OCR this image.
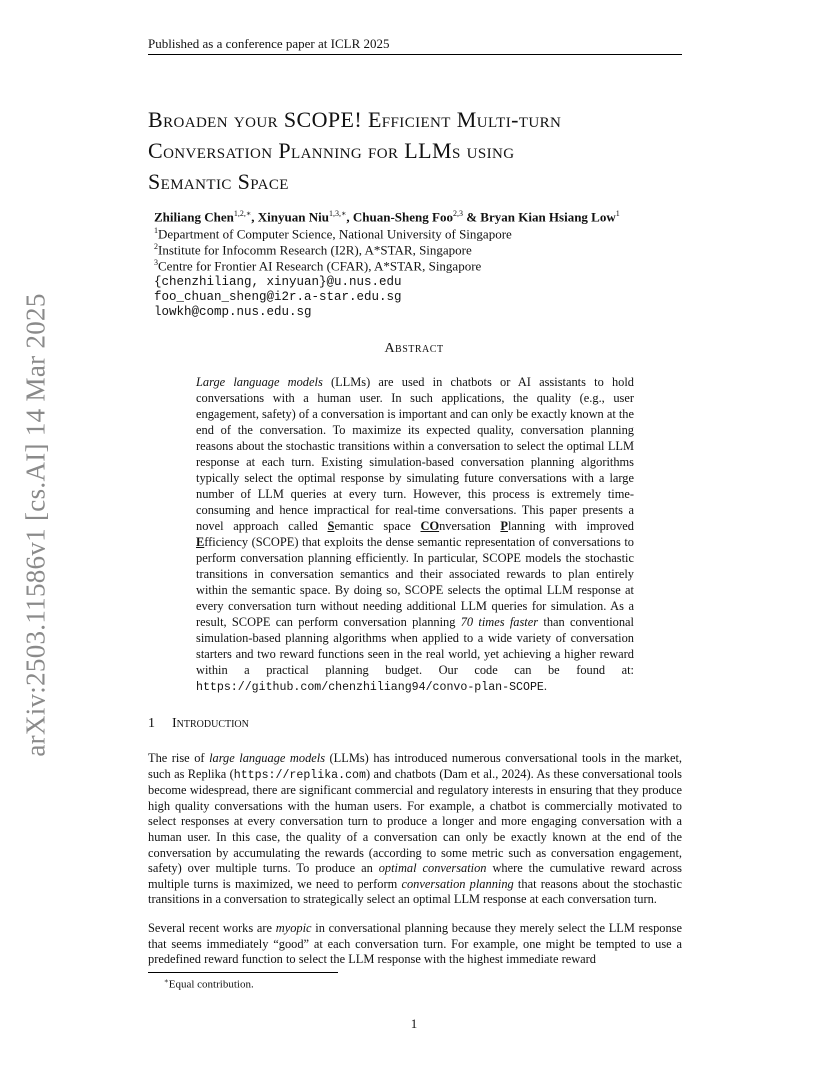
Published as a conference paper at ICLR 2025
arXiv:2503.11586v1 [cs.AI] 14 Mar 2025
Broaden your SCOPE! Efficient Multi-turn
Conversation Planning for LLMs using
Semantic Space
Zhiliang Chen$^{1,2,∗}$, Xinyuan Niu$^{1,3,∗}$, Chuan-Sheng Foo$^{2,3}$ & Bryan Kian Hsiang Low$^1$
$^1$Department of Computer Science, National University of Singapore
$^2$Institute for Infocomm Research (I2R), A*STAR, Singapore
$^3$Centre for Frontier AI Research (CFAR), A*STAR, Singapore
{chenzhiliang, xinyuan}@u.nus.edu
foo_chuan_sheng@i2r.a-star.edu.sg
lowkh@comp.nus.edu.sg
Abstract

Large language models (LLMs) are used in chatbots or AI assistants to hold conversations with a human user. In such applications, the quality (e.g., user engagement, safety) of a conversation is important and can only be exactly known at the end of the conversation. To maximize its expected quality, conversation planning reasons about the stochastic transitions within a conversation to select the optimal LLM response at each turn. Existing simulation-based conversation planning algorithms typically select the optimal response by simulating future conversations with a large number of LLM queries at every turn. However, this process is extremely time-consuming and hence impractical for real-time conversations. This paper presents a novel approach called Semantic space COnversation Planning with improved Efficiency (SCOPE) that exploits the dense semantic representation of conversations to perform conversation planning efficiently. In particular, SCOPE models the stochastic transitions in conversation semantics and their associated rewards to plan entirely within the semantic space. By doing so, SCOPE selects the optimal LLM response at every conversation turn without needing additional LLM queries for simulation. As a result, SCOPE can perform conversation planning 70 times faster than conventional simulation-based planning algorithms when applied to a wide variety of conversation starters and two reward functions seen in the real world, yet achieving a higher reward within a practical planning budget. Our code can be found at: https://github.com/chenzhiliang94/convo-plan-SCOPE.

1 Introduction

The rise of large language models (LLMs) has introduced numerous conversational tools in the market, such as Replika (https://replika.com) and chatbots (Dam et al., 2024). As these conversational tools become widespread, there are significant commercial and regulatory interests in ensuring that they produce high quality conversations with the human users. For example, a chatbot is commercially motivated to select responses at every conversation turn to produce a longer and more engaging conversation with a human user. In this case, the quality of a conversation can only be exactly known at the end of the conversation by accumulating the rewards (according to some metric such as conversation engagement, safety) over multiple turns. To produce an optimal conversation where the cumulative reward across multiple turns is maximized, we need to perform conversation planning that reasons about the stochastic transitions in a conversation to strategically select an optimal LLM response at each conversation turn.

Several recent works are myopic in conversational planning because they merely select the LLM response that seems immediately “good” at each conversation turn. For example, one might be tempted to use a predefined reward function to select the LLM response with the highest immediate reward

∗Equal contribution.
1
